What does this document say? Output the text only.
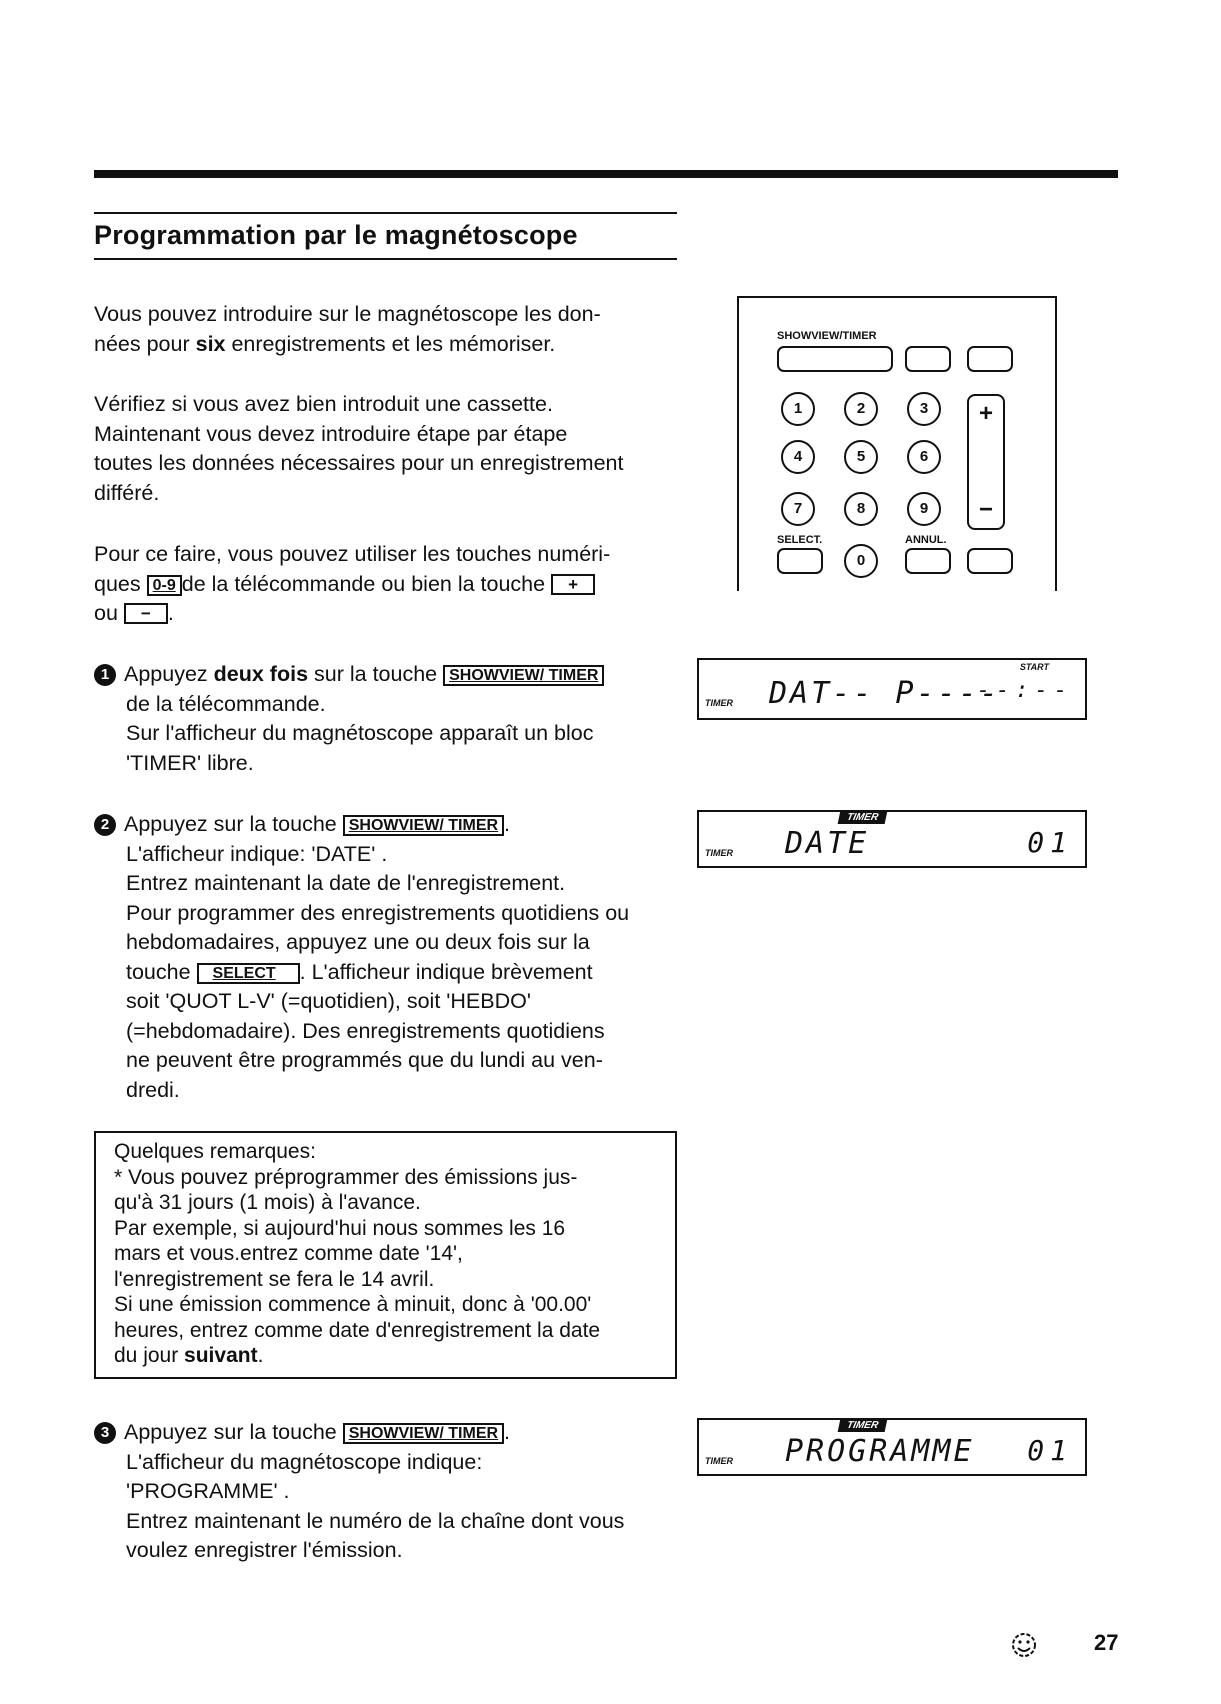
Programmation par le magnétoscope

Vous pouvez introduire sur le magnétoscope les don-

nées pour six enregistrements et les mémoriser.

Vérifiez si vous avez bien introduit une cassette.

Maintenant vous devez introduire étape par étape

toutes les données nécessaires pour un enregistrement

différé.

Pour ce faire, vous pouvez utiliser les touches numéri-

ques 0-9 de la télécommande ou bien la touche +

ou − .

1 Appuyez deux fois sur la touche SHOWVIEW/ TIMER

de la télécommande.

Sur l'afficheur du magnétoscope apparaît un bloc

'TIMER' libre.

2 Appuyez sur la touche SHOWVIEW/ TIMER .

L'afficheur indique: 'DATE' .

Entrez maintenant la date de l'enregistrement.

Pour programmer des enregistrements quotidiens ou

hebdomadaires, appuyez une ou deux fois sur la

touche SELECT . L'afficheur indique brèvement

soit 'QUOT L-V' (=quotidien), soit 'HEBDO'

(=hebdomadaire). Des enregistrements quotidiens

ne peuvent être programmés que du lundi au ven-

dredi.

Quelques remarques:

* Vous pouvez préprogrammer des émissions jus-

qu'à 31 jours (1 mois) à l'avance.

Par exemple, si aujourd'hui nous sommes les 16

mars et vous.entrez comme date '14',

l'enregistrement se fera le 14 avril.

Si une émission commence à minuit, donc à '00.00'

heures, entrez comme date d'enregistrement la date

du jour suivant.

3 Appuyez sur la touche SHOWVIEW/ TIMER .

L'afficheur du magnétoscope indique:

'PROGRAMME' .

Entrez maintenant le numéro de la chaîne dont vous

voulez enregistrer l'émission.

SHOWVIEW/TIMER
1	2	3
4	5	6
7	8	9
+
−
SELECT.	ANNUL.
0
START
TIMER DAT-- P----
--:--
TIMER
TIMER DATE	01
TIMER
TIMER PROGRAMME 01
27
